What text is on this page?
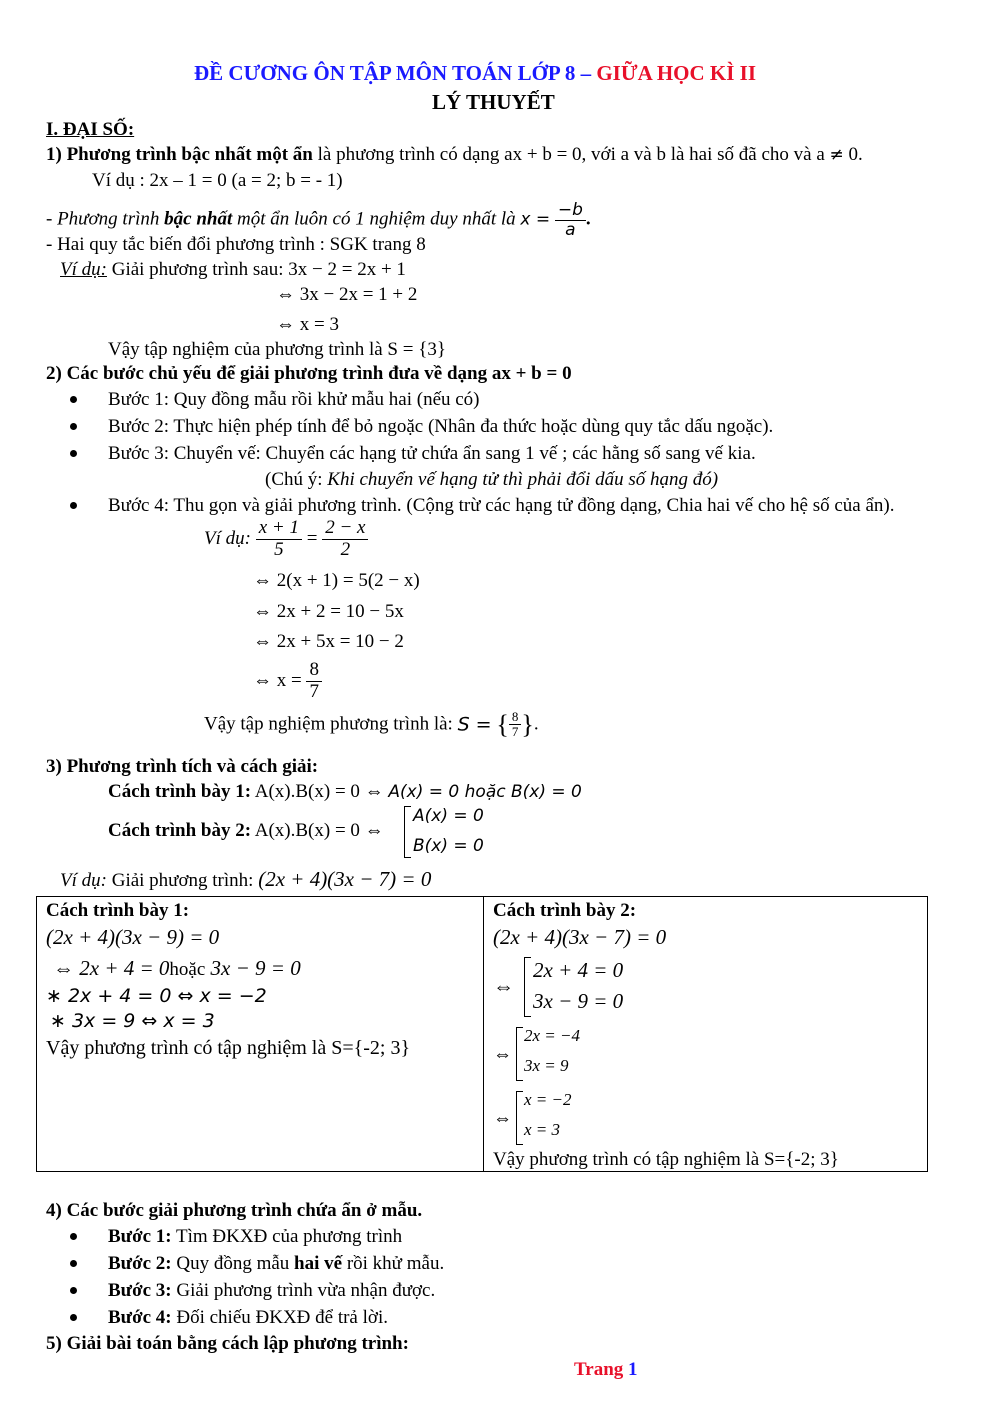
ĐỀ CƯƠNG ÔN TẬP MÔN TOÁN LỚP 8 – GIỮA HỌC KÌ II
LÝ THUYẾT
I. ĐẠI SỐ:
1) Phương trình bậc nhất một ẩn là phương trình có dạng ax + b = 0, với a và b là hai số đã cho và a ≠ 0.
Ví dụ : 2x – 1 = 0 (a = 2; b = - 1)
- Phương trình bậc nhất một ẩn luôn có 1 nghiệm duy nhất là $x = \frac{-b}{a}$ .
- Hai quy tắc biến đổi phương trình : SGK trang 8
Ví dụ: Giải phương trình sau: 3x − 2 = 2x + 1
⇔ 3x − 2x = 1 + 2
⇔ x = 3
Vậy tập nghiệm của phương trình là S = {3}
2) Các bước chủ yếu để giải phương trình đưa về dạng ax + b = 0
Bước 1: Quy đồng mẫu rồi khử mẫu hai (nếu có)
Bước 2: Thực hiện phép tính để bỏ ngoặc (Nhân đa thức hoặc dùng quy tắc dấu ngoặc).
Bước 3: Chuyển vế: Chuyển các hạng tử chứa ẩn sang 1 vế ; các hằng số sang vế kia.
(Chú ý: Khi chuyển vế hạng tử thì phải đổi dấu số hạng đó)
Bước 4: Thu gọn và giải phương trình. (Cộng trừ các hạng tử đồng dạng, Chia hai vế cho hệ số của ẩn).
Ví dụ: $\frac{x + 1}{5} = \frac{2 - x}{2}$
⇔ 2(x + 1) = 5(2 − x)
⇔ 2x + 2 = 10 − 5x
⇔ 2x + 5x = 10 − 2
⇔ $x = \frac{8}{7}$
Vậy tập nghiệm phương trình là: S = { $\frac{8}{7}$ }.
3) Phương trình tích và cách giải:
Cách trình bày 1: A(x).B(x) = 0 ⇔ A(x) = 0 hoặc B(x) = 0
Cách trình bày 2: A(x).B(x) = 0 ⇔
A(x) = 0
B(x) = 0
Ví dụ: Giải phương trình: (2x + 4)(3x − 7) = 0
Cách trình bày 1:
(2x + 4)(3x − 9) = 0
⇔ 2x + 4 = 0hoặc 3x − 9 = 0
∗ 2x + 4 = 0 ⇔ x = −2
∗ 3x = 9 ⇔ x = 3
Vậy phương trình có tập nghiệm là S={-2; 3}

Cách trình bày 2:
(2x + 4)(3x − 7) = 0
⇔
2x + 4 = 0
3x − 9 = 0
⇔
2x = −4
3x = 9
⇔
x = −2
x = 3
Vậy phương trình có tập nghiệm là S={-2; 3}
4) Các bước giải phương trình chứa ẩn ở mẫu.
Bước 1: Tìm ĐKXĐ của phương trình
Bước 2: Quy đồng mẫu hai vế rồi khử mẫu.
Bước 3: Giải phương trình vừa nhận được.
Bước 4: Đối chiếu ĐKXĐ để trả lời.
5) Giải bài toán bằng cách lập phương trình:
Trang 1
